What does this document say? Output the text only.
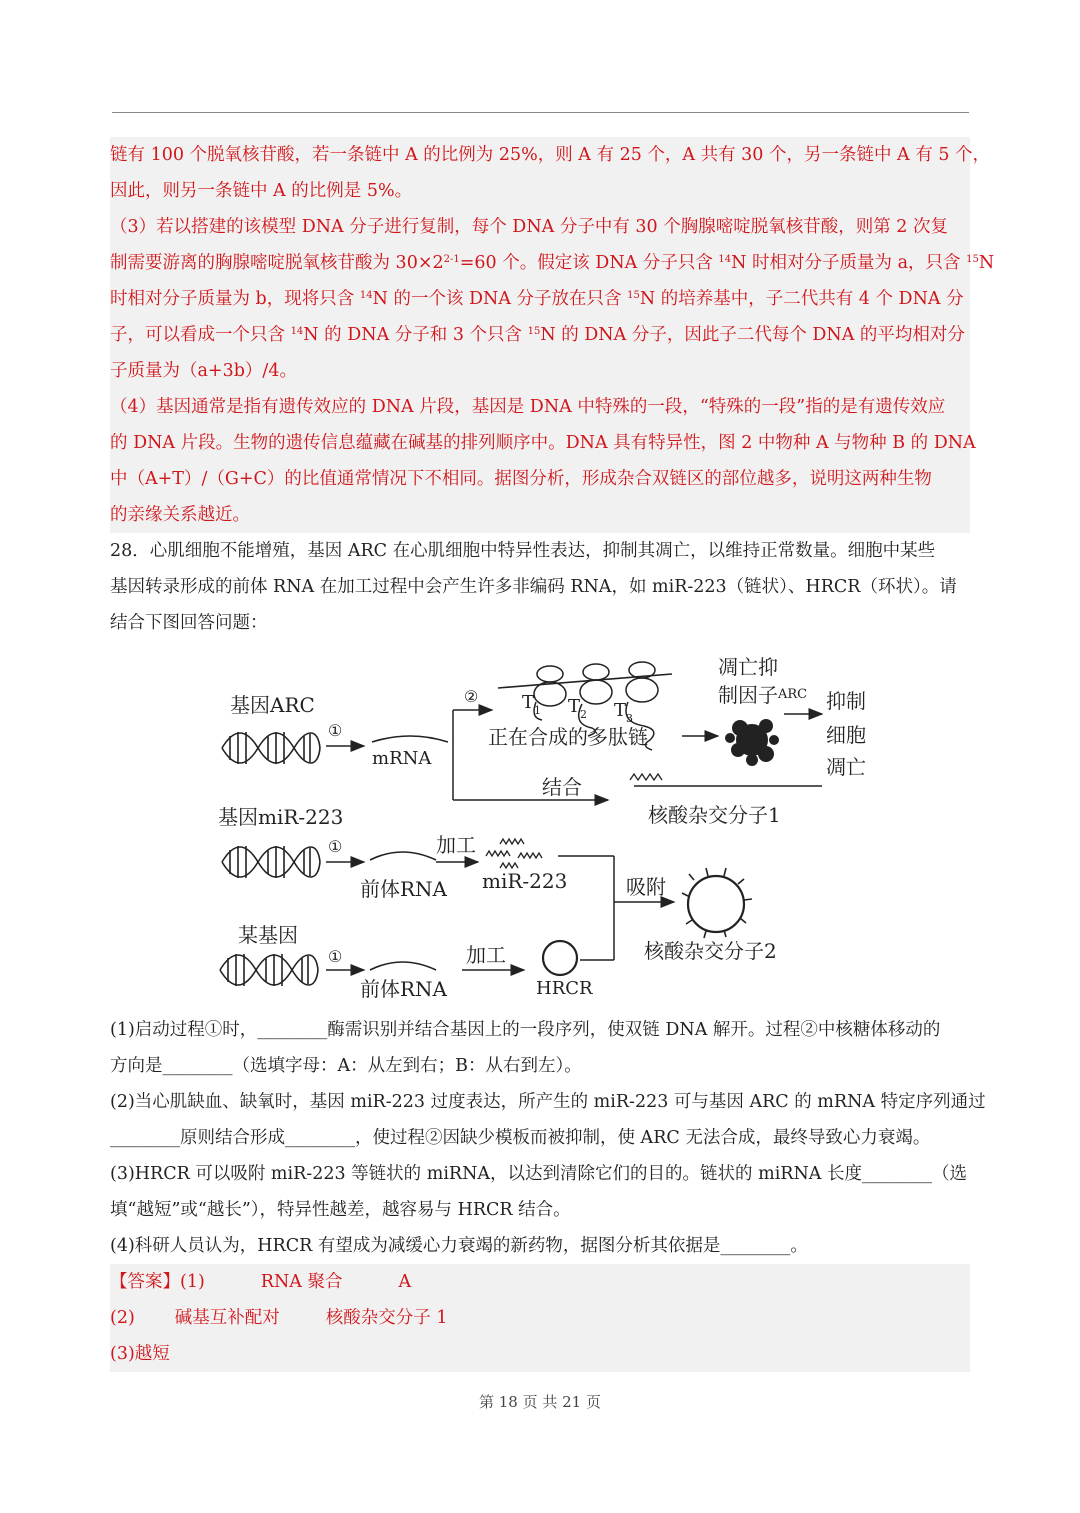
链有 100 个脱氧核苷酸，若一条链中 A 的比例为 25%，则 A 有 25 个，A 共有 30 个，另一条链中 A 有 5 个，
因此，则另一条链中 A 的比例是 5%。
（3）若以搭建的该模型 DNA 分子进行复制，每个 DNA 分子中有 30 个胸腺嘧啶脱氧核苷酸，则第 2 次复
制需要游离的胸腺嘧啶脱氧核苷酸为 $30\times 2^{2-1}=60$ 个。假定该 DNA 分子只含 $^{14}$N 时相对分子质量为 a，只含 $^{15}$N
时相对分子质量为 b，现将只含 $^{14}$N 的一个该 DNA 分子放在只含 $^{15}$N 的培养基中，子二代共有 4 个 DNA 分
子，可以看成一个只含 $^{14}$N 的 DNA 分子和 3 个只含 $^{15}$N 的 DNA 分子，因此子二代每个 DNA 的平均相对分
子质量为（a+3b）/4。
（4）基因通常是指有遗传效应的 DNA 片段，基因是 DNA 中特殊的一段，“特殊的一段”指的是有遗传效应
的 DNA 片段。生物的遗传信息蕴藏在碱基的排列顺序中。DNA 具有特异性，图 2 中物种 A 与物种 B 的 DNA
中（A+T）/（G+C）的比值通常情况下不相同。据图分析，形成杂合双链区的部位越多，说明这两种生物
的亲缘关系越近。
28．心肌细胞不能增殖，基因 ARC 在心肌细胞中特异性表达，抑制其凋亡，以维持正常数量。细胞中某些
基因转录形成的前体 RNA 在加工过程中会产生许多非编码 RNA，如 miR-223（链状）、HRCR（环状）。请
结合下图回答问题：
基因ARC
①
mRNA
②
结合
$T_1$ $T_2$ $T_3$
正在合成的多肽链
凋亡抑
制因子$^{ARC}$ 抑制
细胞
凋亡
核酸杂交分子1
基因miR-223
①
前体RNA
加工
miR-223	吸附
核酸杂交分子2
某基因
①
前体RNA
加工
HRCR
(1)启动过程①时，________酶需识别并结合基因上的一段序列，使双链 DNA 解开。过程②中核糖体移动的
方向是________（选填字母：A：从左到右；B：从右到左）。
(2)当心肌缺血、缺氧时，基因 miR-223 过度表达，所产生的 miR-223 可与基因 ARC 的 mRNA 特定序列通过
________原则结合形成________，使过程②因缺少模板而被抑制，使 ARC 无法合成，最终导致心力衰竭。
(3)HRCR 可以吸附 miR-223 等链状的 miRNA，以达到清除它们的目的。链状的 miRNA 长度________（选
填“越短”或“越长”），特异性越差，越容易与 HRCR 结合。
(4)科研人员认为，HRCR 有望成为减缓心力衰竭的新药物，据图分析其依据是________。
【答案】(1)	RNA 聚合	A
(2) 碱基互补配对	核酸杂交分子 1
(3)越短
第 18 页 共 21 页
